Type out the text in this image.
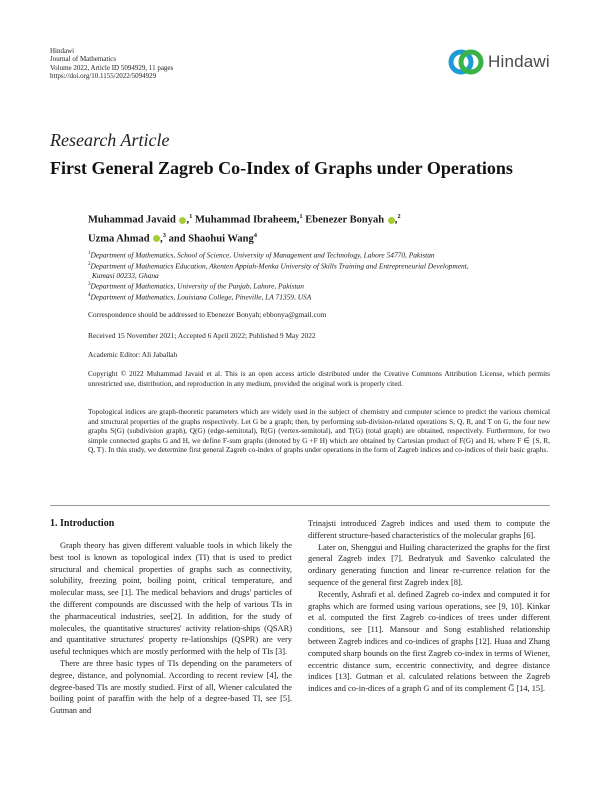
Hindawi
Journal of Mathematics
Volume 2022, Article ID 5094929, 11 pages
https://doi.org/10.1155/2022/5094929
Hindawi
Research Article
First General Zagreb Co-Index of Graphs under Operations
Muhammad Javaid ,$^1$ Muhammad Ibraheem,$^1$ Ebenezer Bonyah ,$^2$
Uzma Ahmad ,$^3$ and Shaohui Wang$^4$
$^1$Department of Mathematics, School of Science, University of Management and Technology, Lahore 54770, Pakistan
$^2$Department of Mathematics Education, Akenten Appiah-Menka University of Skills Training and Entrepreneurial Development,
Kumasi 00233, Ghana
$^3$Department of Mathematics, University of the Punjab, Lahore, Pakistan
$^4$Department of Mathematics, Louisiana College, Pineville, LA 71359, USA
Correspondence should be addressed to Ebenezer Bonyah; ebbonya@gmail.com
Received 15 November 2021; Accepted 6 April 2022; Published 9 May 2022
Academic Editor: Ali Jaballah
Copyright © 2022 Muhammad Javaid et al. This is an open access article distributed under the Creative Commons Attribution License, which permits unrestricted use, distribution, and reproduction in any medium, provided the original work is properly cited.
Topological indices are graph-theoretic parameters which are widely used in the subject of chemistry and computer science to predict the various chemical and structural properties of the graphs respectively. Let G be a graph; then, by performing sub-division-related operations S, Q, R, and T on G, the four new graphs S(G) (subdivision graph), Q(G) (edge-semitotal), R(G) (vertex-semitotal), and T(G) (total graph) are obtained, respectively. Furthermore, for two simple connected graphs G and H, we define F-sum graphs (denoted by G +F H) which are obtained by Cartesian product of F(G) and H, where F ∈ {S, R, Q, T}. In this study, we determine first general Zagreb co-index of graphs under operations in the form of Zagreb indices and co-indices of their basic graphs.
1. Introduction

Graph theory has given different valuable tools in which likely the best tool is known as topological index (TI) that is used to predict structural and chemical properties of graphs such as connectivity, solubility, freezing point, boiling point, critical temperature, and molecular mass, see [1]. The medical behaviors and drugs' particles of the different compounds are discussed with the help of various TIs in the pharmaceutical industries, see[2]. In addition, for the study of molecules, the quantitative structures' activity relation-ships (QSAR) and quantitative structures' property re-lationships (QSPR) are very useful techniques which are mostly performed with the help of TIs [3].

There are three basic types of TIs depending on the parameters of degree, distance, and polynomial. According to recent review [4], the degree-based TIs are mostly studied. First of all, Wiener calculated the boiling point of paraffin with the help of a degree-based TI, see [5]. Gutman and

Trinajsti introduced Zagreb indices and used them to compute the different structure-based characteristics of the molecular graphs [6].

Later on, Shenggui and Huiling characterized the graphs for the first general Zagreb index [7]. Bedratyuk and Savenko calculated the ordinary generating function and linear re-currence relation for the sequence of the general first Zagreb index [8].

Recently, Ashrafi et al. defined Zagreb co-index and computed it for graphs which are formed using various operations, see [9, 10]. Kinkar et al. computed the first Zagreb co-indices of trees under different conditions, see [11]. Mansour and Song established relationship between Zagreb indices and co-indices of graphs [12]. Huaa and Zhang computed sharp bounds on the first Zagreb co-index in terms of Wiener, eccentric distance sum, eccentric connectivity, and degree distance indices [13]. Gutman et al. calculated relations between the Zagreb indices and co-in-dices of a graph G and of its complement G̅ [14, 15].
